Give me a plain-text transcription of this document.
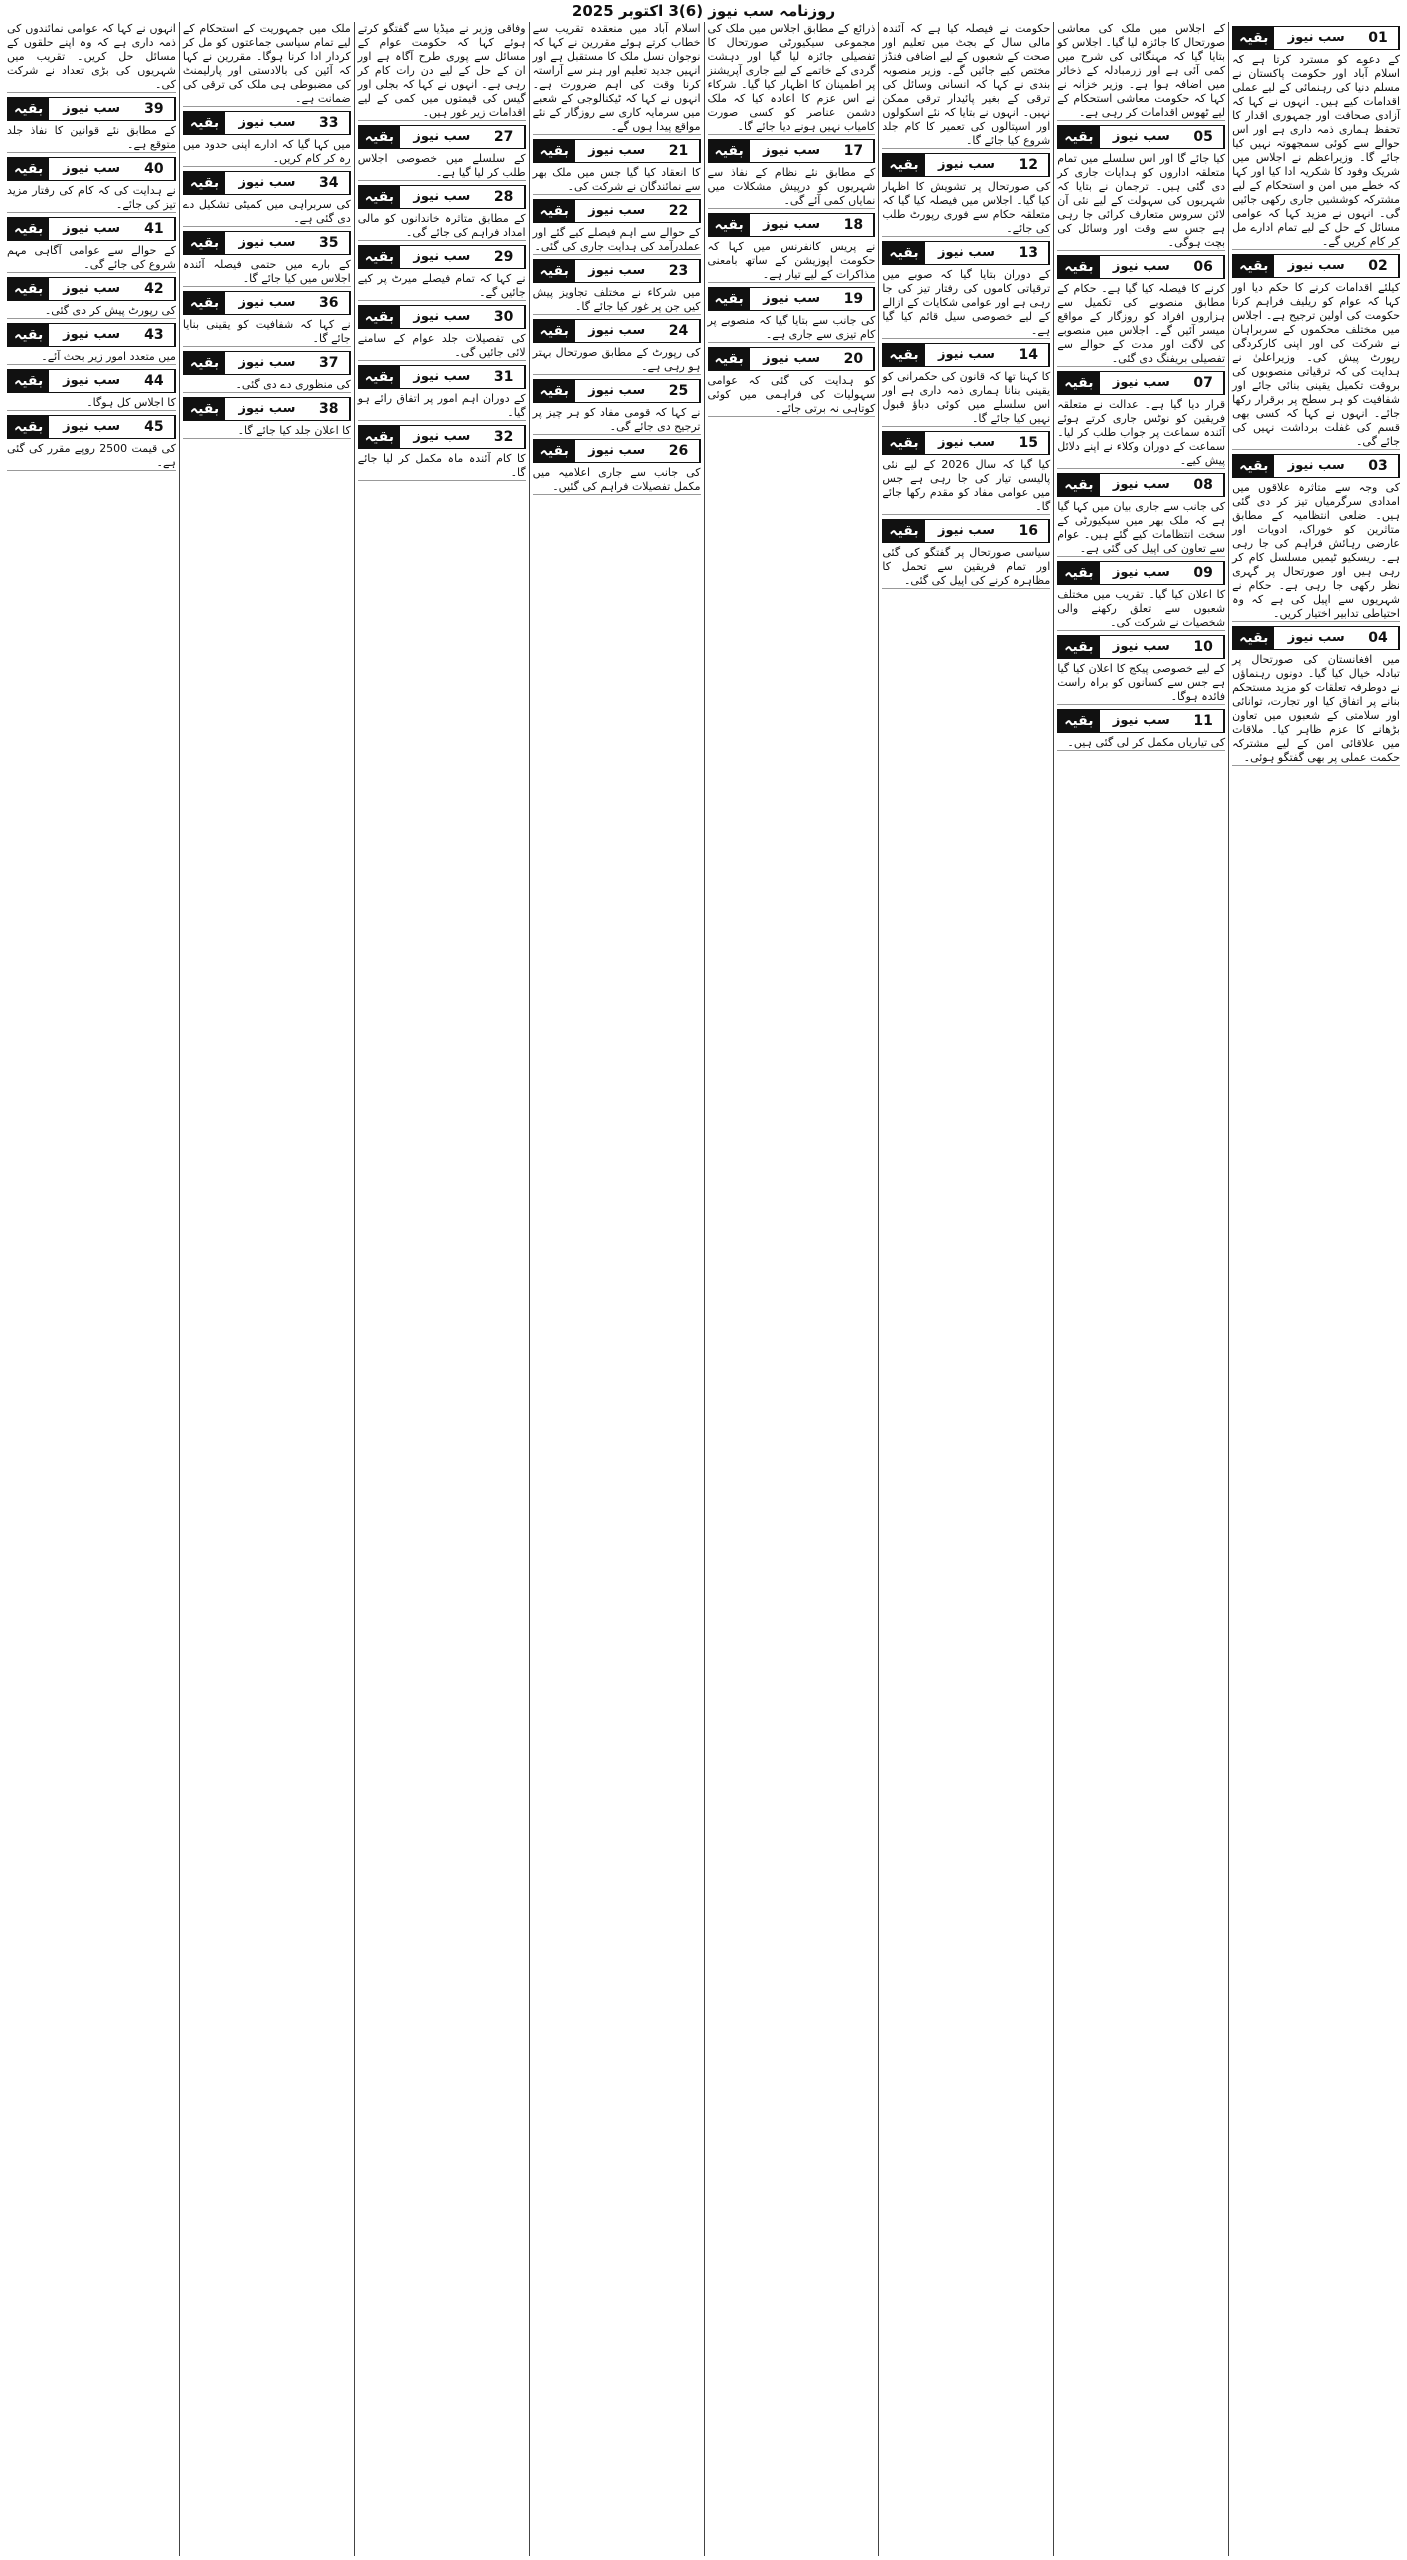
روزنامہ سب نیوز (6)3 اکتوبر 2025
بقیہ	سب نیوز	01
کے دعوے کو مسترد کرتا ہے کہ اسلام آباد اور حکومت پاکستان نے مسلم دنیا کی رہنمائی کے لیے عملی اقدامات کیے ہیں۔ انہوں نے کہا کہ آزادی صحافت اور جمہوری اقدار کا تحفظ ہماری ذمہ داری ہے اور اس حوالے سے کوئی سمجھوتہ نہیں کیا جائے گا۔ وزیراعظم نے اجلاس میں شریک وفود کا شکریہ ادا کیا اور کہا کہ خطے میں امن و استحکام کے لیے مشترکہ کوششیں جاری رکھی جائیں گی۔ انہوں نے مزید کہا کہ عوامی مسائل کے حل کے لیے تمام ادارے مل کر کام کریں گے۔
بقیہ	سب نیوز	02
کیلئے اقدامات کرنے کا حکم دیا اور کہا کہ عوام کو ریلیف فراہم کرنا حکومت کی اولین ترجیح ہے۔ اجلاس میں مختلف محکموں کے سربراہان نے شرکت کی اور اپنی کارکردگی رپورٹ پیش کی۔ وزیراعلیٰ نے ہدایت کی کہ ترقیاتی منصوبوں کی بروقت تکمیل یقینی بنائی جائے اور شفافیت کو ہر سطح پر برقرار رکھا جائے۔ انہوں نے کہا کہ کسی بھی قسم کی غفلت برداشت نہیں کی جائے گی۔
بقیہ	سب نیوز	03
کی وجہ سے متاثرہ علاقوں میں امدادی سرگرمیاں تیز کر دی گئی ہیں۔ ضلعی انتظامیہ کے مطابق متاثرین کو خوراک، ادویات اور عارضی رہائش فراہم کی جا رہی ہے۔ ریسکیو ٹیمیں مسلسل کام کر رہی ہیں اور صورتحال پر گہری نظر رکھی جا رہی ہے۔ حکام نے شہریوں سے اپیل کی ہے کہ وہ احتیاطی تدابیر اختیار کریں۔
بقیہ	سب نیوز	04
میں افغانستان کی صورتحال پر تبادلہ خیال کیا گیا۔ دونوں رہنماؤں نے دوطرفہ تعلقات کو مزید مستحکم بنانے پر اتفاق کیا اور تجارت، توانائی اور سلامتی کے شعبوں میں تعاون بڑھانے کا عزم ظاہر کیا۔ ملاقات میں علاقائی امن کے لیے مشترکہ حکمت عملی پر بھی گفتگو ہوئی۔
کے اجلاس میں ملک کی معاشی صورتحال کا جائزہ لیا گیا۔ اجلاس کو بتایا گیا کہ مہنگائی کی شرح میں کمی آئی ہے اور زرمبادلہ کے ذخائر میں اضافہ ہوا ہے۔ وزیر خزانہ نے کہا کہ حکومت معاشی استحکام کے لیے ٹھوس اقدامات کر رہی ہے۔
بقیہ	سب نیوز	05
کیا جائے گا اور اس سلسلے میں تمام متعلقہ اداروں کو ہدایات جاری کر دی گئی ہیں۔ ترجمان نے بتایا کہ شہریوں کی سہولت کے لیے نئی آن لائن سروس متعارف کرائی جا رہی ہے جس سے وقت اور وسائل کی بچت ہوگی۔
بقیہ	سب نیوز	06
کرنے کا فیصلہ کیا گیا ہے۔ حکام کے مطابق منصوبے کی تکمیل سے ہزاروں افراد کو روزگار کے مواقع میسر آئیں گے۔ اجلاس میں منصوبے کی لاگت اور مدت کے حوالے سے تفصیلی بریفنگ دی گئی۔
بقیہ	سب نیوز	07
قرار دیا گیا ہے۔ عدالت نے متعلقہ فریقین کو نوٹس جاری کرتے ہوئے آئندہ سماعت پر جواب طلب کر لیا۔ سماعت کے دوران وکلاء نے اپنے دلائل پیش کیے۔
بقیہ	سب نیوز	08
کی جانب سے جاری بیان میں کہا گیا ہے کہ ملک بھر میں سیکیورٹی کے سخت انتظامات کیے گئے ہیں۔ عوام سے تعاون کی اپیل کی گئی ہے۔
بقیہ	سب نیوز	09
کا اعلان کیا گیا۔ تقریب میں مختلف شعبوں سے تعلق رکھنے والی شخصیات نے شرکت کی۔
بقیہ	سب نیوز	10
کے لیے خصوصی پیکج کا اعلان کیا گیا ہے جس سے کسانوں کو براہ راست فائدہ ہوگا۔
بقیہ	سب نیوز	11
کی تیاریاں مکمل کر لی گئی ہیں۔
حکومت نے فیصلہ کیا ہے کہ آئندہ مالی سال کے بجٹ میں تعلیم اور صحت کے شعبوں کے لیے اضافی فنڈز مختص کیے جائیں گے۔ وزیر منصوبہ بندی نے کہا کہ انسانی وسائل کی ترقی کے بغیر پائیدار ترقی ممکن نہیں۔ انہوں نے بتایا کہ نئے اسکولوں اور اسپتالوں کی تعمیر کا کام جلد شروع کیا جائے گا۔
بقیہ	سب نیوز	12
کی صورتحال پر تشویش کا اظہار کیا گیا۔ اجلاس میں فیصلہ کیا گیا کہ متعلقہ حکام سے فوری رپورٹ طلب کی جائے۔
بقیہ	سب نیوز	13
کے دوران بتایا گیا کہ صوبے میں ترقیاتی کاموں کی رفتار تیز کی جا رہی ہے اور عوامی شکایات کے ازالے کے لیے خصوصی سیل قائم کیا گیا ہے۔
بقیہ	سب نیوز	14
کا کہنا تھا کہ قانون کی حکمرانی کو یقینی بنانا ہماری ذمہ داری ہے اور اس سلسلے میں کوئی دباؤ قبول نہیں کیا جائے گا۔
بقیہ	سب نیوز	15
کیا گیا کہ سال 2026 کے لیے نئی پالیسی تیار کی جا رہی ہے جس میں عوامی مفاد کو مقدم رکھا جائے گا۔
بقیہ	سب نیوز	16
سیاسی صورتحال پر گفتگو کی گئی اور تمام فریقین سے تحمل کا مظاہرہ کرنے کی اپیل کی گئی۔
ذرائع کے مطابق اجلاس میں ملک کی مجموعی سیکیورٹی صورتحال کا تفصیلی جائزہ لیا گیا اور دہشت گردی کے خاتمے کے لیے جاری آپریشنز پر اطمینان کا اظہار کیا گیا۔ شرکاء نے اس عزم کا اعادہ کیا کہ ملک دشمن عناصر کو کسی صورت کامیاب نہیں ہونے دیا جائے گا۔
بقیہ	سب نیوز	17
کے مطابق نئے نظام کے نفاذ سے شہریوں کو درپیش مشکلات میں نمایاں کمی آئے گی۔
بقیہ	سب نیوز	18
نے پریس کانفرنس میں کہا کہ حکومت اپوزیشن کے ساتھ بامعنی مذاکرات کے لیے تیار ہے۔
بقیہ	سب نیوز	19
کی جانب سے بتایا گیا کہ منصوبے پر کام تیزی سے جاری ہے۔
بقیہ	سب نیوز	20
کو ہدایت کی گئی کہ عوامی سہولیات کی فراہمی میں کوئی کوتاہی نہ برتی جائے۔
اسلام آباد میں منعقدہ تقریب سے خطاب کرتے ہوئے مقررین نے کہا کہ نوجوان نسل ملک کا مستقبل ہے اور انہیں جدید تعلیم اور ہنر سے آراستہ کرنا وقت کی اہم ضرورت ہے۔ انہوں نے کہا کہ ٹیکنالوجی کے شعبے میں سرمایہ کاری سے روزگار کے نئے مواقع پیدا ہوں گے۔
بقیہ	سب نیوز	21
کا انعقاد کیا گیا جس میں ملک بھر سے نمائندگان نے شرکت کی۔
بقیہ	سب نیوز	22
کے حوالے سے اہم فیصلے کیے گئے اور عملدرآمد کی ہدایت جاری کی گئی۔
بقیہ	سب نیوز	23
میں شرکاء نے مختلف تجاویز پیش کیں جن پر غور کیا جائے گا۔
بقیہ	سب نیوز	24
کی رپورٹ کے مطابق صورتحال بہتر ہو رہی ہے۔
بقیہ	سب نیوز	25
نے کہا کہ قومی مفاد کو ہر چیز پر ترجیح دی جائے گی۔
بقیہ	سب نیوز	26
کی جانب سے جاری اعلامیہ میں مکمل تفصیلات فراہم کی گئیں۔
وفاقی وزیر نے میڈیا سے گفتگو کرتے ہوئے کہا کہ حکومت عوام کے مسائل سے پوری طرح آگاہ ہے اور ان کے حل کے لیے دن رات کام کر رہی ہے۔ انہوں نے کہا کہ بجلی اور گیس کی قیمتوں میں کمی کے لیے اقدامات زیر غور ہیں۔
بقیہ	سب نیوز	27
کے سلسلے میں خصوصی اجلاس طلب کر لیا گیا ہے۔
بقیہ	سب نیوز	28
کے مطابق متاثرہ خاندانوں کو مالی امداد فراہم کی جائے گی۔
بقیہ	سب نیوز	29
نے کہا کہ تمام فیصلے میرٹ پر کیے جائیں گے۔
بقیہ	سب نیوز	30
کی تفصیلات جلد عوام کے سامنے لائی جائیں گی۔
بقیہ	سب نیوز	31
کے دوران اہم امور پر اتفاق رائے ہو گیا۔
بقیہ	سب نیوز	32
کا کام آئندہ ماہ مکمل کر لیا جائے گا۔
ملک میں جمہوریت کے استحکام کے لیے تمام سیاسی جماعتوں کو مل کر کردار ادا کرنا ہوگا۔ مقررین نے کہا کہ آئین کی بالادستی اور پارلیمنٹ کی مضبوطی ہی ملک کی ترقی کی ضمانت ہے۔
بقیہ	سب نیوز	33
میں کہا گیا کہ ادارے اپنی حدود میں رہ کر کام کریں۔
بقیہ	سب نیوز	34
کی سربراہی میں کمیٹی تشکیل دے دی گئی ہے۔
بقیہ	سب نیوز	35
کے بارے میں حتمی فیصلہ آئندہ اجلاس میں کیا جائے گا۔
بقیہ	سب نیوز	36
نے کہا کہ شفافیت کو یقینی بنایا جائے گا۔
بقیہ	سب نیوز	37
کی منظوری دے دی گئی۔
بقیہ	سب نیوز	38
کا اعلان جلد کیا جائے گا۔
انہوں نے کہا کہ عوامی نمائندوں کی ذمہ داری ہے کہ وہ اپنے حلقوں کے مسائل حل کریں۔ تقریب میں شہریوں کی بڑی تعداد نے شرکت کی۔
بقیہ	سب نیوز	39
کے مطابق نئے قوانین کا نفاذ جلد متوقع ہے۔
بقیہ	سب نیوز	40
نے ہدایت کی کہ کام کی رفتار مزید تیز کی جائے۔
بقیہ	سب نیوز	41
کے حوالے سے عوامی آگاہی مہم شروع کی جائے گی۔
بقیہ	سب نیوز	42
کی رپورٹ پیش کر دی گئی۔
بقیہ	سب نیوز	43
میں متعدد امور زیر بحث آئے۔
بقیہ	سب نیوز	44
کا اجلاس کل ہوگا۔
بقیہ	سب نیوز	45
کی قیمت 2500 روپے مقرر کی گئی ہے۔
